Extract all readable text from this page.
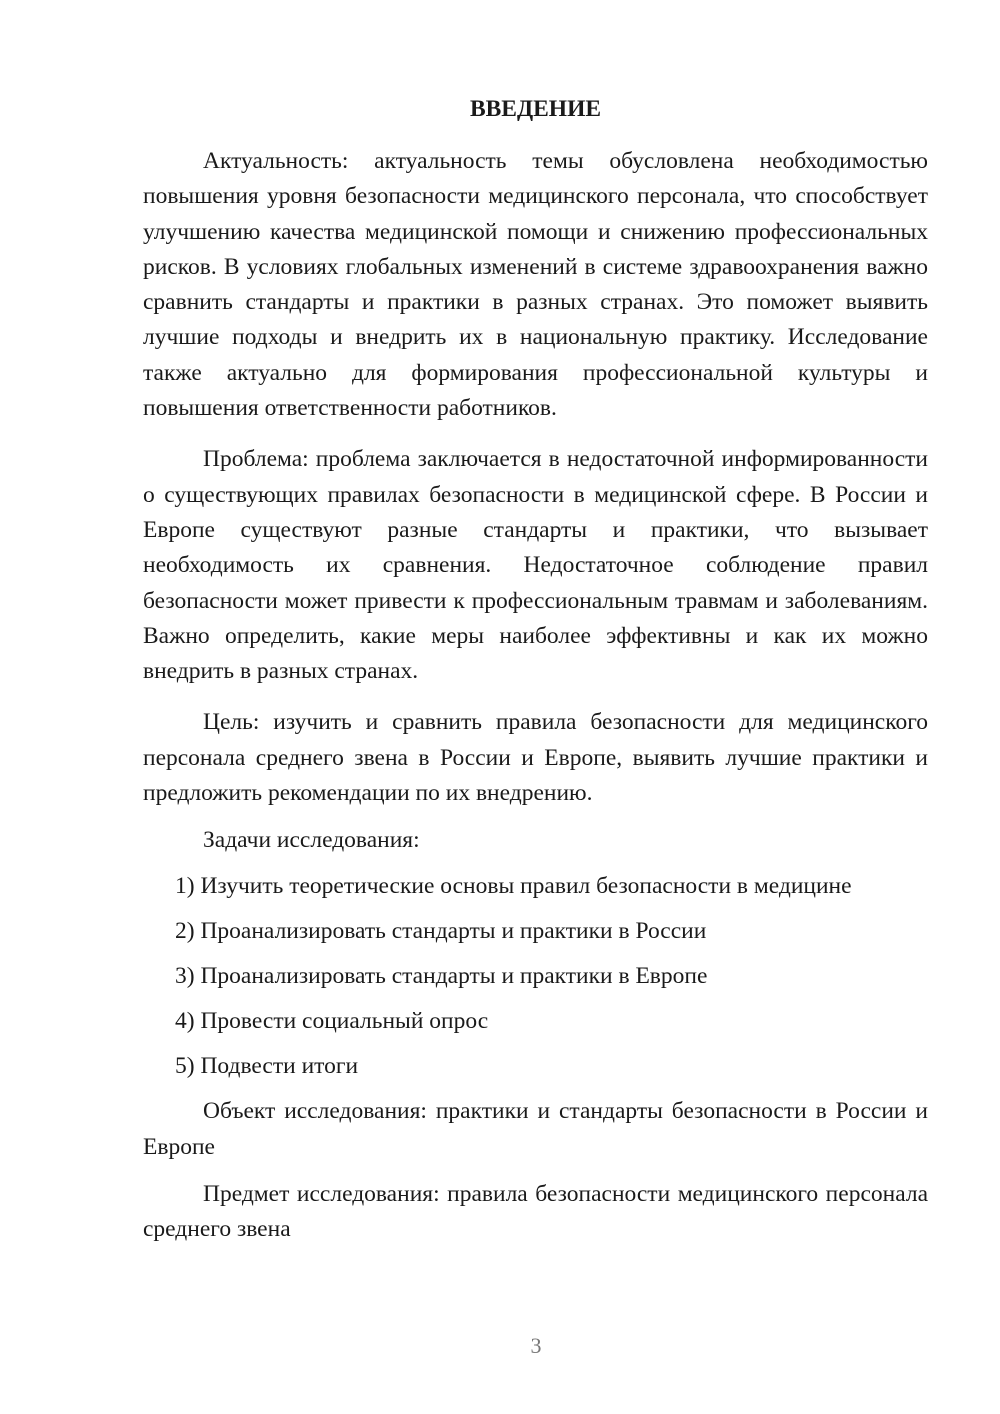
ВВЕДЕНИЕ

Актуальность: актуальность темы обусловлена необходимостью повышения уровня безопасности медицинского персонала, что способствует улучшению качества медицинской помощи и снижению профессиональных рисков. В условиях глобальных изменений в системе здравоохранения важно сравнить стандарты и практики в разных странах. Это поможет выявить лучшие подходы и внедрить их в национальную практику. Исследование также актуально для формирования профессиональной культуры и повышения ответственности работников.

Проблема: проблема заключается в недостаточной информированности о существующих правилах безопасности в медицинской сфере. В России и Европе существуют разные стандарты и практики, что вызывает необходимость их сравнения. Недостаточное соблюдение правил безопасности может привести к профессиональным травмам и заболеваниям. Важно определить, какие меры наиболее эффективны и как их можно внедрить в разных странах.

Цель: изучить и сравнить правила безопасности для медицинского персонала среднего звена в России и Европе, выявить лучшие практики и предложить рекомендации по их внедрению.

Задачи исследования:
1) Изучить теоретические основы правил безопасности в медицине
2) Проанализировать стандарты и практики в России
3) Проанализировать стандарты и практики в Европе
4) Провести социальный опрос
5) Подвести итоги

Объект исследования: практики и стандарты безопасности в России и Европе

Предмет исследования: правила безопасности медицинского персонала среднего звена

3
